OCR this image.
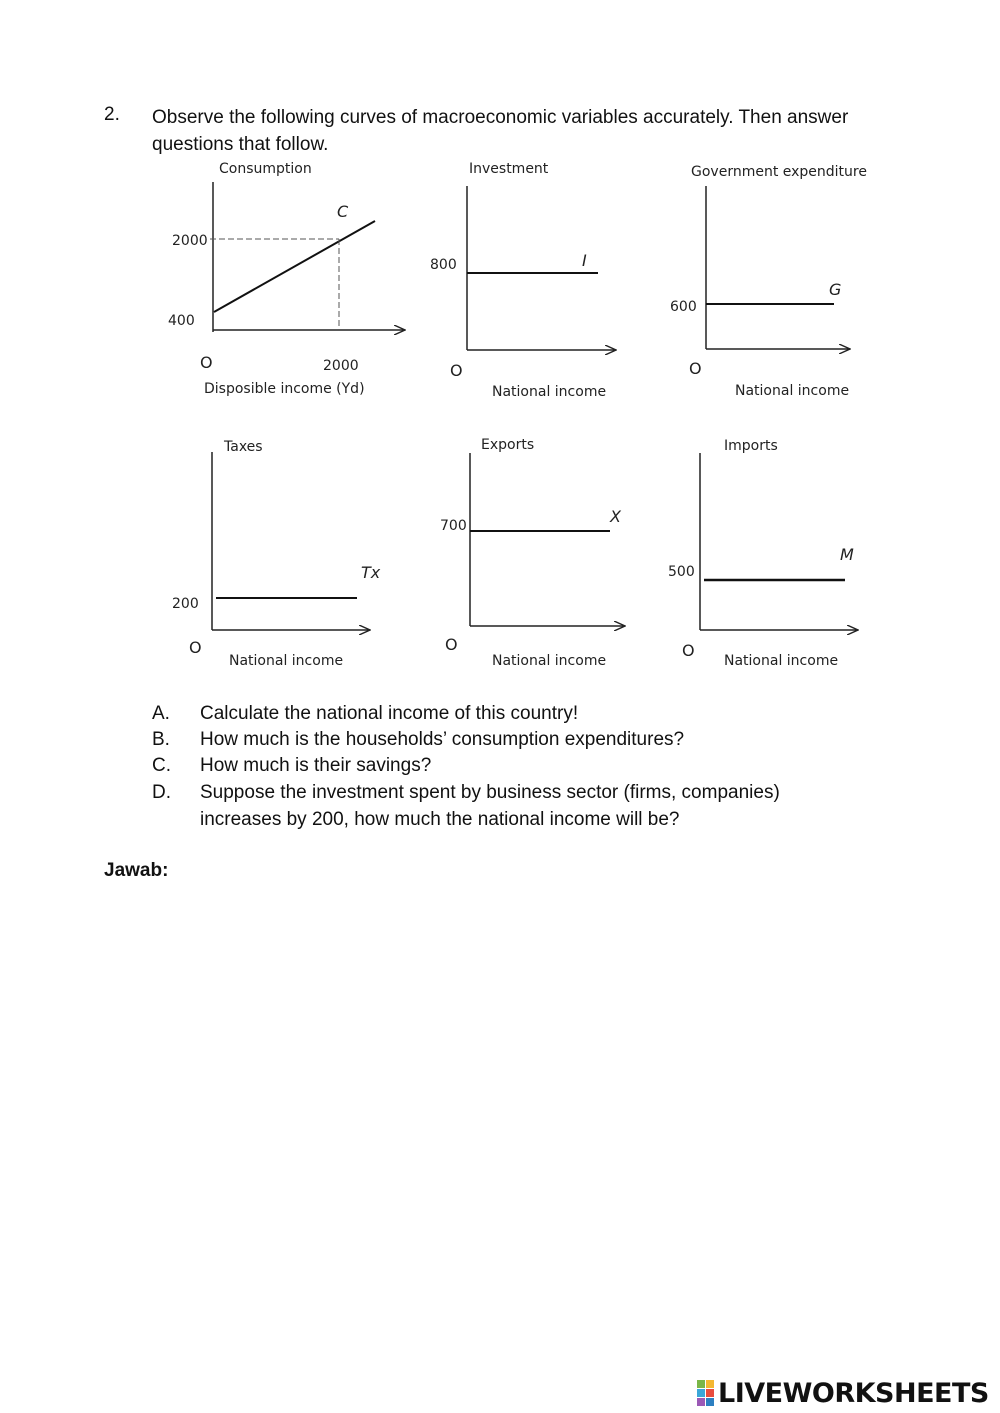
2. Observe the following curves of macroeconomic variables accurately. Then answer questions that follow.
Consumption
C
2000
400
O	2000
Disposible income (Yd)
Investment
I
800
O
National income
Government expenditure
G
600
O
National income
Taxes
Tx
200
O
National income
Exports
X
700
O
National income
Imports
M
500
O
National income
A. Calculate the national income of this country!
B. How much is the households’ consumption expenditures?
C. How much is their savings?
D. Suppose the investment spent by business sector (firms, companies) increases by 200, how much the national income will be?
Jawab:
LIVEWORKSHEETS
